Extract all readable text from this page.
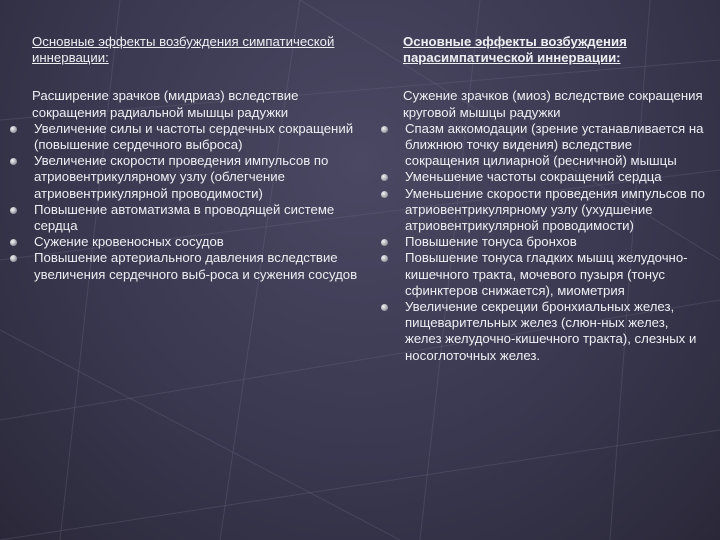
Основные эффекты возбуждения симпатической иннервации:
Расширение зрачков (мидриаз) вследствие сокращения радиальной мышцы радужки
Увеличение силы и частоты сердечных сокращений (повышение сердечного выброса)
Увеличение скорости проведения импульсов по атриовентрикулярному узлу (облегчение атриовентрикулярной проводимости)
Повышение автоматизма в проводящей системе сердца
Сужение кровеносных сосудов
Повышение артериального давления вследствие увеличения сердечного выб-роса и сужения сосудов
Основные эффекты возбуждения парасимпатической иннервации:
Сужение зрачков (миоз) вследствие сокращения круговой мышцы радужки
Спазм аккомодации (зрение устанавливается на ближнюю точку видения) вследствие сокращения цилиарной (ресничной) мышцы
Уменьшение частоты сокращений сердца
Уменьшение скорости проведения импульсов по атриовентрикулярному узлу (ухудшение атриовентрикулярной проводимости)
Повышение тонуса бронхов
Повышение тонуса гладких мышц желудочно-кишечного тракта, мочевого пузыря (тонус сфинктеров снижается), миометрия
Увеличение секреции бронхиальных желез, пищеварительных желез (слюн-ных желез, желез желудочно-кишечного тракта), слезных и носоглоточных желез.
